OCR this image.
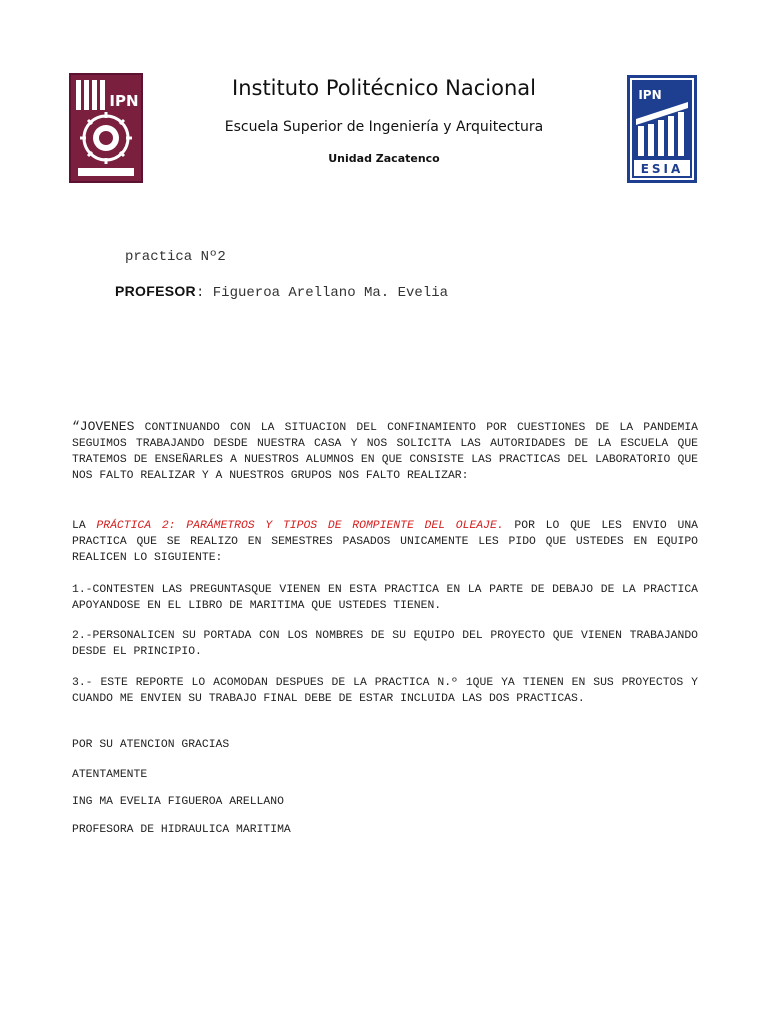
IPN
Instituto Politécnico Nacional
Escuela Superior de Ingeniería y Arquitectura
Unidad Zacatenco
IPN
ESIA
practica Nº2
PROFESOR: Figueroa Arellano Ma. Evelia

“JOVENES CONTINUANDO CON LA SITUACION DEL CONFINAMIENTO POR CUESTIONES DE LA PANDEMIA SEGUIMOS TRABAJANDO DESDE NUESTRA CASA Y NOS SOLICITA LAS AUTORIDADES DE LA ESCUELA QUE TRATEMOS DE ENSEÑARLES A NUESTROS ALUMNOS EN QUE CONSISTE LAS PRACTICAS DEL LABORATORIO QUE NOS FALTO REALIZAR Y A NUESTROS GRUPOS NOS FALTO REALIZAR:

LA PRÁCTICA 2: PARÁMETROS Y TIPOS DE ROMPIENTE DEL OLEAJE. POR LO QUE LES ENVIO UNA PRACTICA QUE SE REALIZO EN SEMESTRES PASADOS UNICAMENTE LES PIDO QUE USTEDES EN EQUIPO REALICEN LO SIGUIENTE:

1.-CONTESTEN LAS PREGUNTASQUE VIENEN EN ESTA PRACTICA EN LA PARTE DE DEBAJO DE LA PRACTICA APOYANDOSE EN EL LIBRO DE MARITIMA QUE USTEDES TIENEN.

2.-PERSONALICEN SU PORTADA CON LOS NOMBRES DE SU EQUIPO DEL PROYECTO QUE VIENEN TRABAJANDO DESDE EL PRINCIPIO.

3.- ESTE REPORTE LO ACOMODAN DESPUES DE LA PRACTICA N.º 1QUE YA TIENEN EN SUS PROYECTOS Y CUANDO ME ENVIEN SU TRABAJO FINAL DEBE DE ESTAR INCLUIDA LAS DOS PRACTICAS.

POR SU ATENCION GRACIAS
ATENTAMENTE
ING MA EVELIA FIGUEROA ARELLANO
PROFESORA DE HIDRAULICA MARITIMA
